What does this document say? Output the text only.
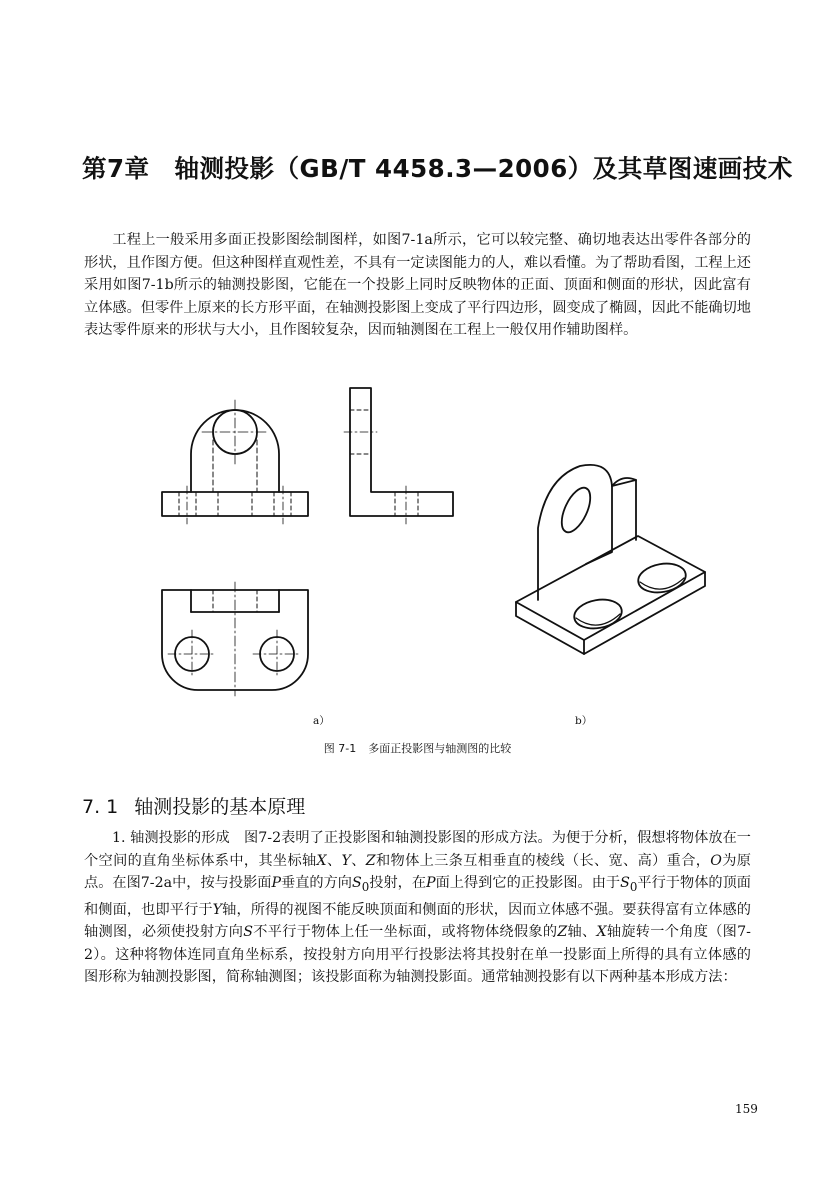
第7章　轴测投影（GB/T 4458.3—2006）及其草图速画技术

工程上一般采用多面正投影图绘制图样，如图7-1a所示，它可以较完整、确切地表达出零件各部分的形状，且作图方便。但这种图样直观性差，不具有一定读图能力的人，难以看懂。为了帮助看图，工程上还采用如图7-1b所示的轴测投影图，它能在一个投影上同时反映物体的正面、顶面和侧面的形状，因此富有立体感。但零件上原来的长方形平面，在轴测投影图上变成了平行四边形，圆变成了椭圆，因此不能确切地表达零件原来的形状与大小，且作图较复杂，因而轴测图在工程上一般仅用作辅助图样。

a）	b）
图 7-1 多面正投影图与轴测图的比较
7. 1 轴测投影的基本原理

1. 轴测投影的形成　图7-2表明了正投影图和轴测投影图的形成方法。为便于分析，假想将物体放在一个空间的直角坐标体系中，其坐标轴X、Y、Z和物体上三条互相垂直的棱线（长、宽、高）重合，O为原点。在图7-2a中，按与投影面P垂直的方向$S_0$投射，在P面上得到它的正投影图。由于$S_0$平行于物体的顶面和侧面，也即平行于Y轴，所得的视图不能反映顶面和侧面的形状，因而立体感不强。要获得富有立体感的轴测图，必须使投射方向S不平行于物体上任一坐标面，或将物体绕假象的Z轴、X轴旋转一个角度（图7-2）。这种将物体连同直角坐标系，按投射方向用平行投影法将其投射在单一投影面上所得的具有立体感的图形称为轴测投影图，简称轴测图；该投影面称为轴测投影面。通常轴测投影有以下两种基本形成方法：

159
